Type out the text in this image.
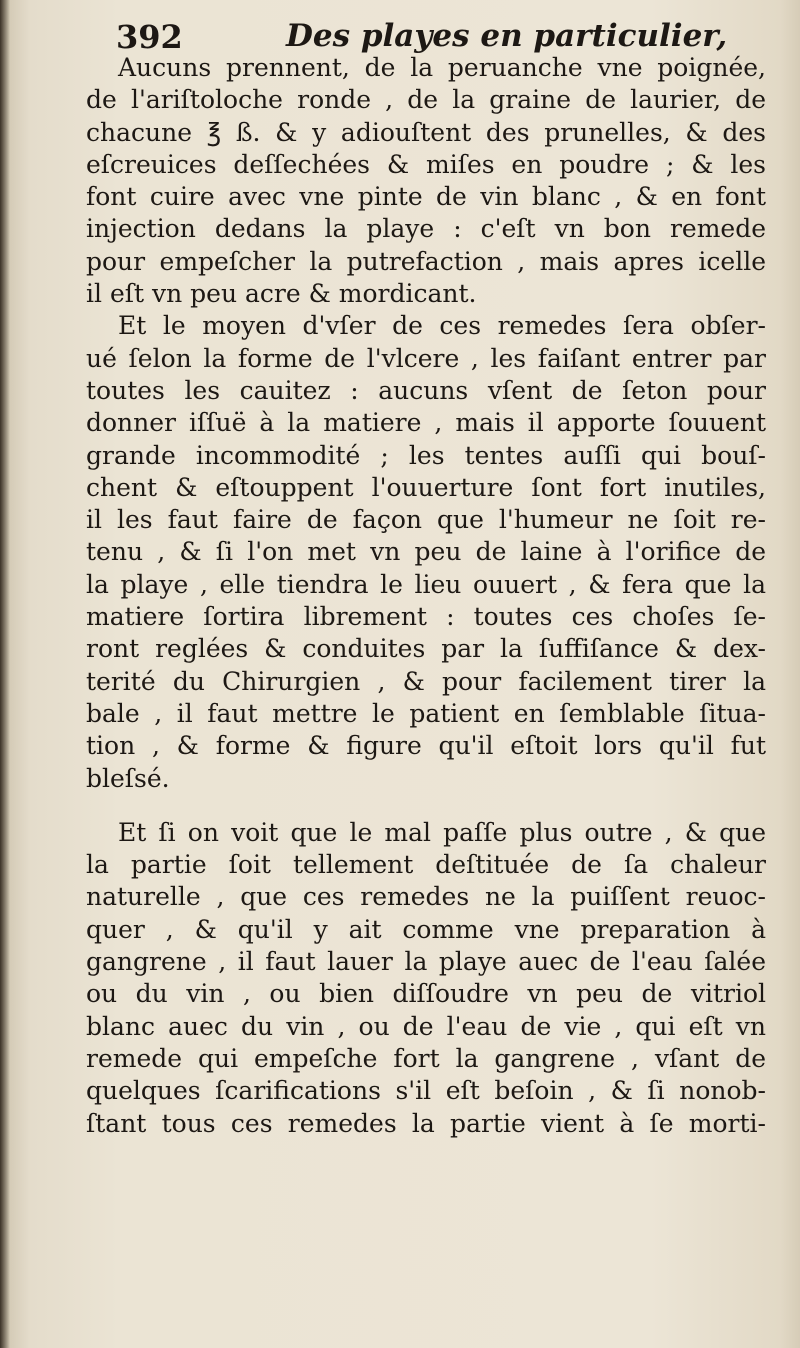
392	Des playes en particulier,
Aucuns prennent, de la peruanche vne poignée,
de l'ariſtoloche ronde , de la graine de laurier, de
chacune ℥ ß. & y adiouſtent des prunelles, & des
eſcreuices deſſechées & miſes en poudre ; & les
font cuire avec vne pinte de vin blanc , & en font
injection dedans la playe : c'eſt vn bon remede
pour empeſcher la putrefaction , mais apres icelle
il eſt vn peu acre & mordicant.
Et le moyen d'vſer de ces remedes ſera obſer-
ué ſelon la forme de l'vlcere , les faiſant entrer par
toutes les cauitez : aucuns vſent de ſeton pour
donner iſſuë à la matiere , mais il apporte ſouuent
grande incommodité ; les tentes auſſi qui bouſ-
chent & eſtouppent l'ouuerture ſont fort inutiles,
il les faut faire de façon que l'humeur ne ſoit re-
tenu , & ſi l'on met vn peu de laine à l'orifice de
la playe , elle tiendra le lieu ouuert , & fera que la
matiere ſortira librement : toutes ces choſes ſe-
ront reglées & conduites par la ſuffiſance & dex-
terité du Chirurgien , & pour facilement tirer la
bale , il faut mettre le patient en ſemblable ſitua-
tion , & forme & figure qu'il eſtoit lors qu'il fut
bleſsé.
Et ſi on voit que le mal paſſe plus outre , & que
la partie ſoit tellement deſtituée de ſa chaleur
naturelle , que ces remedes ne la puiſſent reuoc-
quer , & qu'il y ait comme vne preparation à
gangrene , il faut lauer la playe auec de l'eau ſalée
ou du vin , ou bien diſſoudre vn peu de vitriol
blanc auec du vin , ou de l'eau de vie , qui eſt vn
remede qui empeſche fort la gangrene , vſant de
quelques ſcarifications s'il eſt beſoin , & ſi nonob-
ſtant tous ces remedes la partie vient à ſe morti-
